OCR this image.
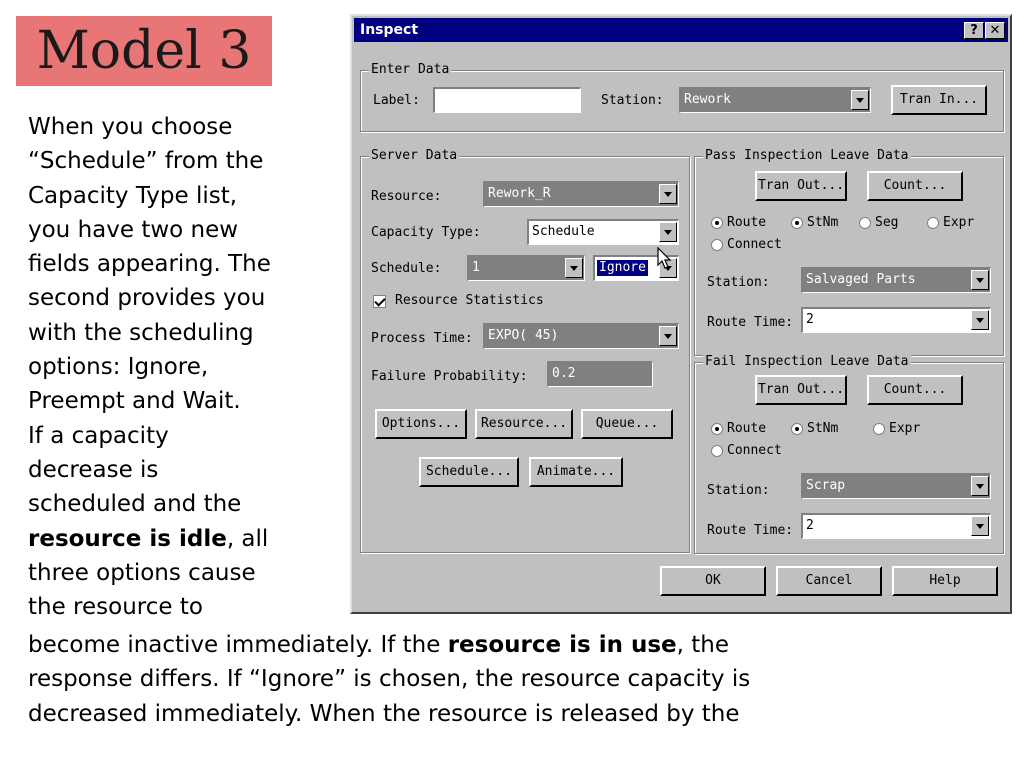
Model 3
When you choose
“Schedule” from the
Capacity Type list,
you have two new
fields appearing. The
second provides you
with the scheduling
options: Ignore,
Preempt and Wait.
If a capacity
decrease is
scheduled and the
resource is idle, all
three options cause
the resource to
become inactive immediately. If the resource is in use, the
response differs. If “Ignore” is chosen, the resource capacity is
decreased immediately. When the resource is released by the
Inspect	? ✕
Enter Data
Label:	Station:	Rework	Tran In...
Server Data
Resource:	Rework_R
Capacity Type:	Schedule
Schedule:	1	Ignore
Resource Statistics
Process Time:	EXPO( 45)
Failure Probability:	0.2
Options...	Resource...	Queue...
Schedule...	Animate...
Pass Inspection Leave Data
Tran Out...	Count...
Route	StNm	Seg	Expr
Connect
Station:	Salvaged Parts
Route Time: 2
Fail Inspection Leave Data
Tran Out...	Count...
Route	StNm	Expr
Connect
Station:	Scrap
Route Time: 2
OK	Cancel	Help
